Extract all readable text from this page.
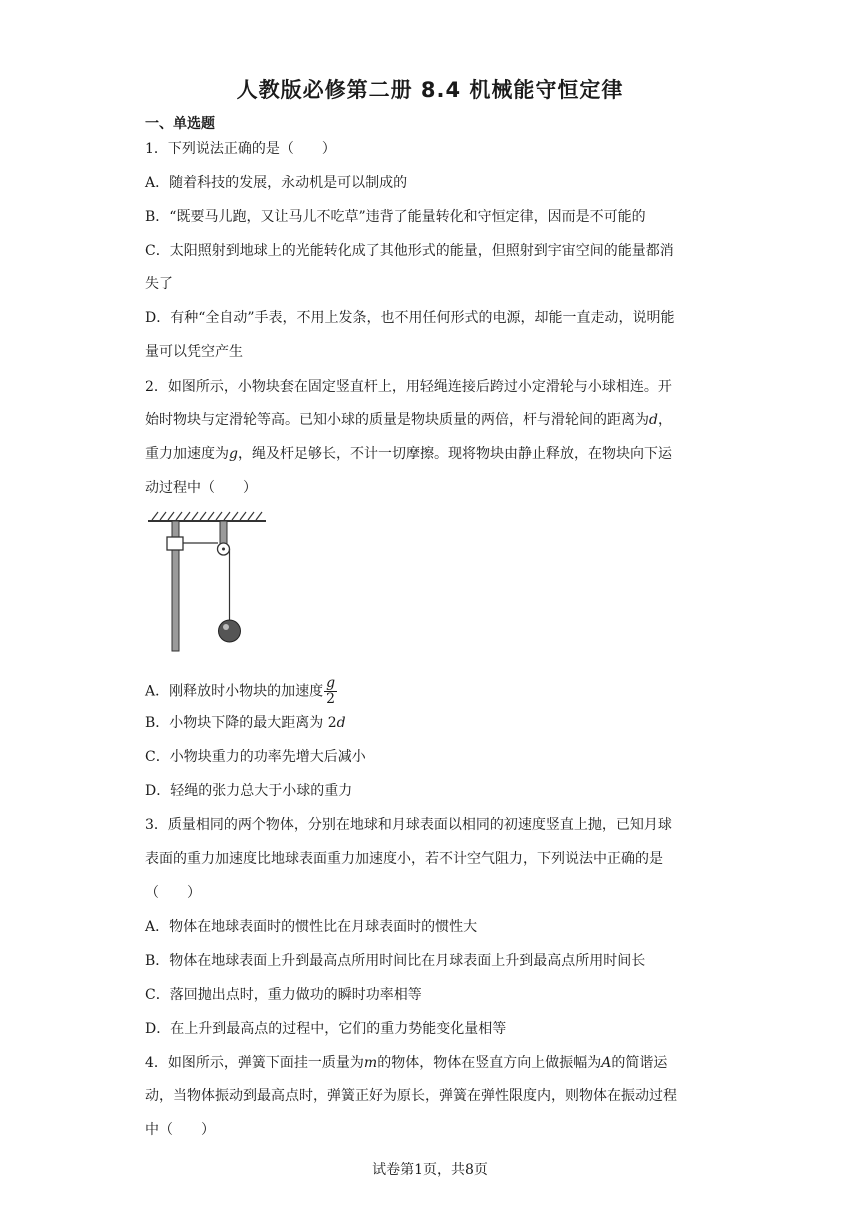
人教版必修第二册 8.4 机械能守恒定律
一、单选题
1．下列说法正确的是（　　）
A．随着科技的发展，永动机是可以制成的
B．“既要马儿跑，又让马儿不吃草”违背了能量转化和守恒定律，因而是不可能的
C．太阳照射到地球上的光能转化成了其他形式的能量，但照射到宇宙空间的能量都消
失了
D．有种“全自动”手表，不用上发条，也不用任何形式的电源，却能一直走动，说明能
量可以凭空产生
2．如图所示，小物块套在固定竖直杆上，用轻绳连接后跨过小定滑轮与小球相连。开
始时物块与定滑轮等高。已知小球的质量是物块质量的两倍，杆与滑轮间的距离为d，
重力加速度为g，绳及杆足够长，不计一切摩擦。现将物块由静止释放，在物块向下运
动过程中（　　）
A．刚释放时小物块的加速度 $\frac{g}{2}$
B．小物块下降的最大距离为 2d
C．小物块重力的功率先增大后减小
D．轻绳的张力总大于小球的重力
3．质量相同的两个物体，分别在地球和月球表面以相同的初速度竖直上抛，已知月球
表面的重力加速度比地球表面重力加速度小，若不计空气阻力，下列说法中正确的是
（　　）
A．物体在地球表面时的惯性比在月球表面时的惯性大
B．物体在地球表面上升到最高点所用时间比在月球表面上升到最高点所用时间长
C．落回抛出点时，重力做功的瞬时功率相等
D．在上升到最高点的过程中，它们的重力势能变化量相等
4．如图所示，弹簧下面挂一质量为m的物体，物体在竖直方向上做振幅为A的简谐运
动，当物体振动到最高点时，弹簧正好为原长，弹簧在弹性限度内，则物体在振动过程
中（　　）
试卷第1页，共8页
